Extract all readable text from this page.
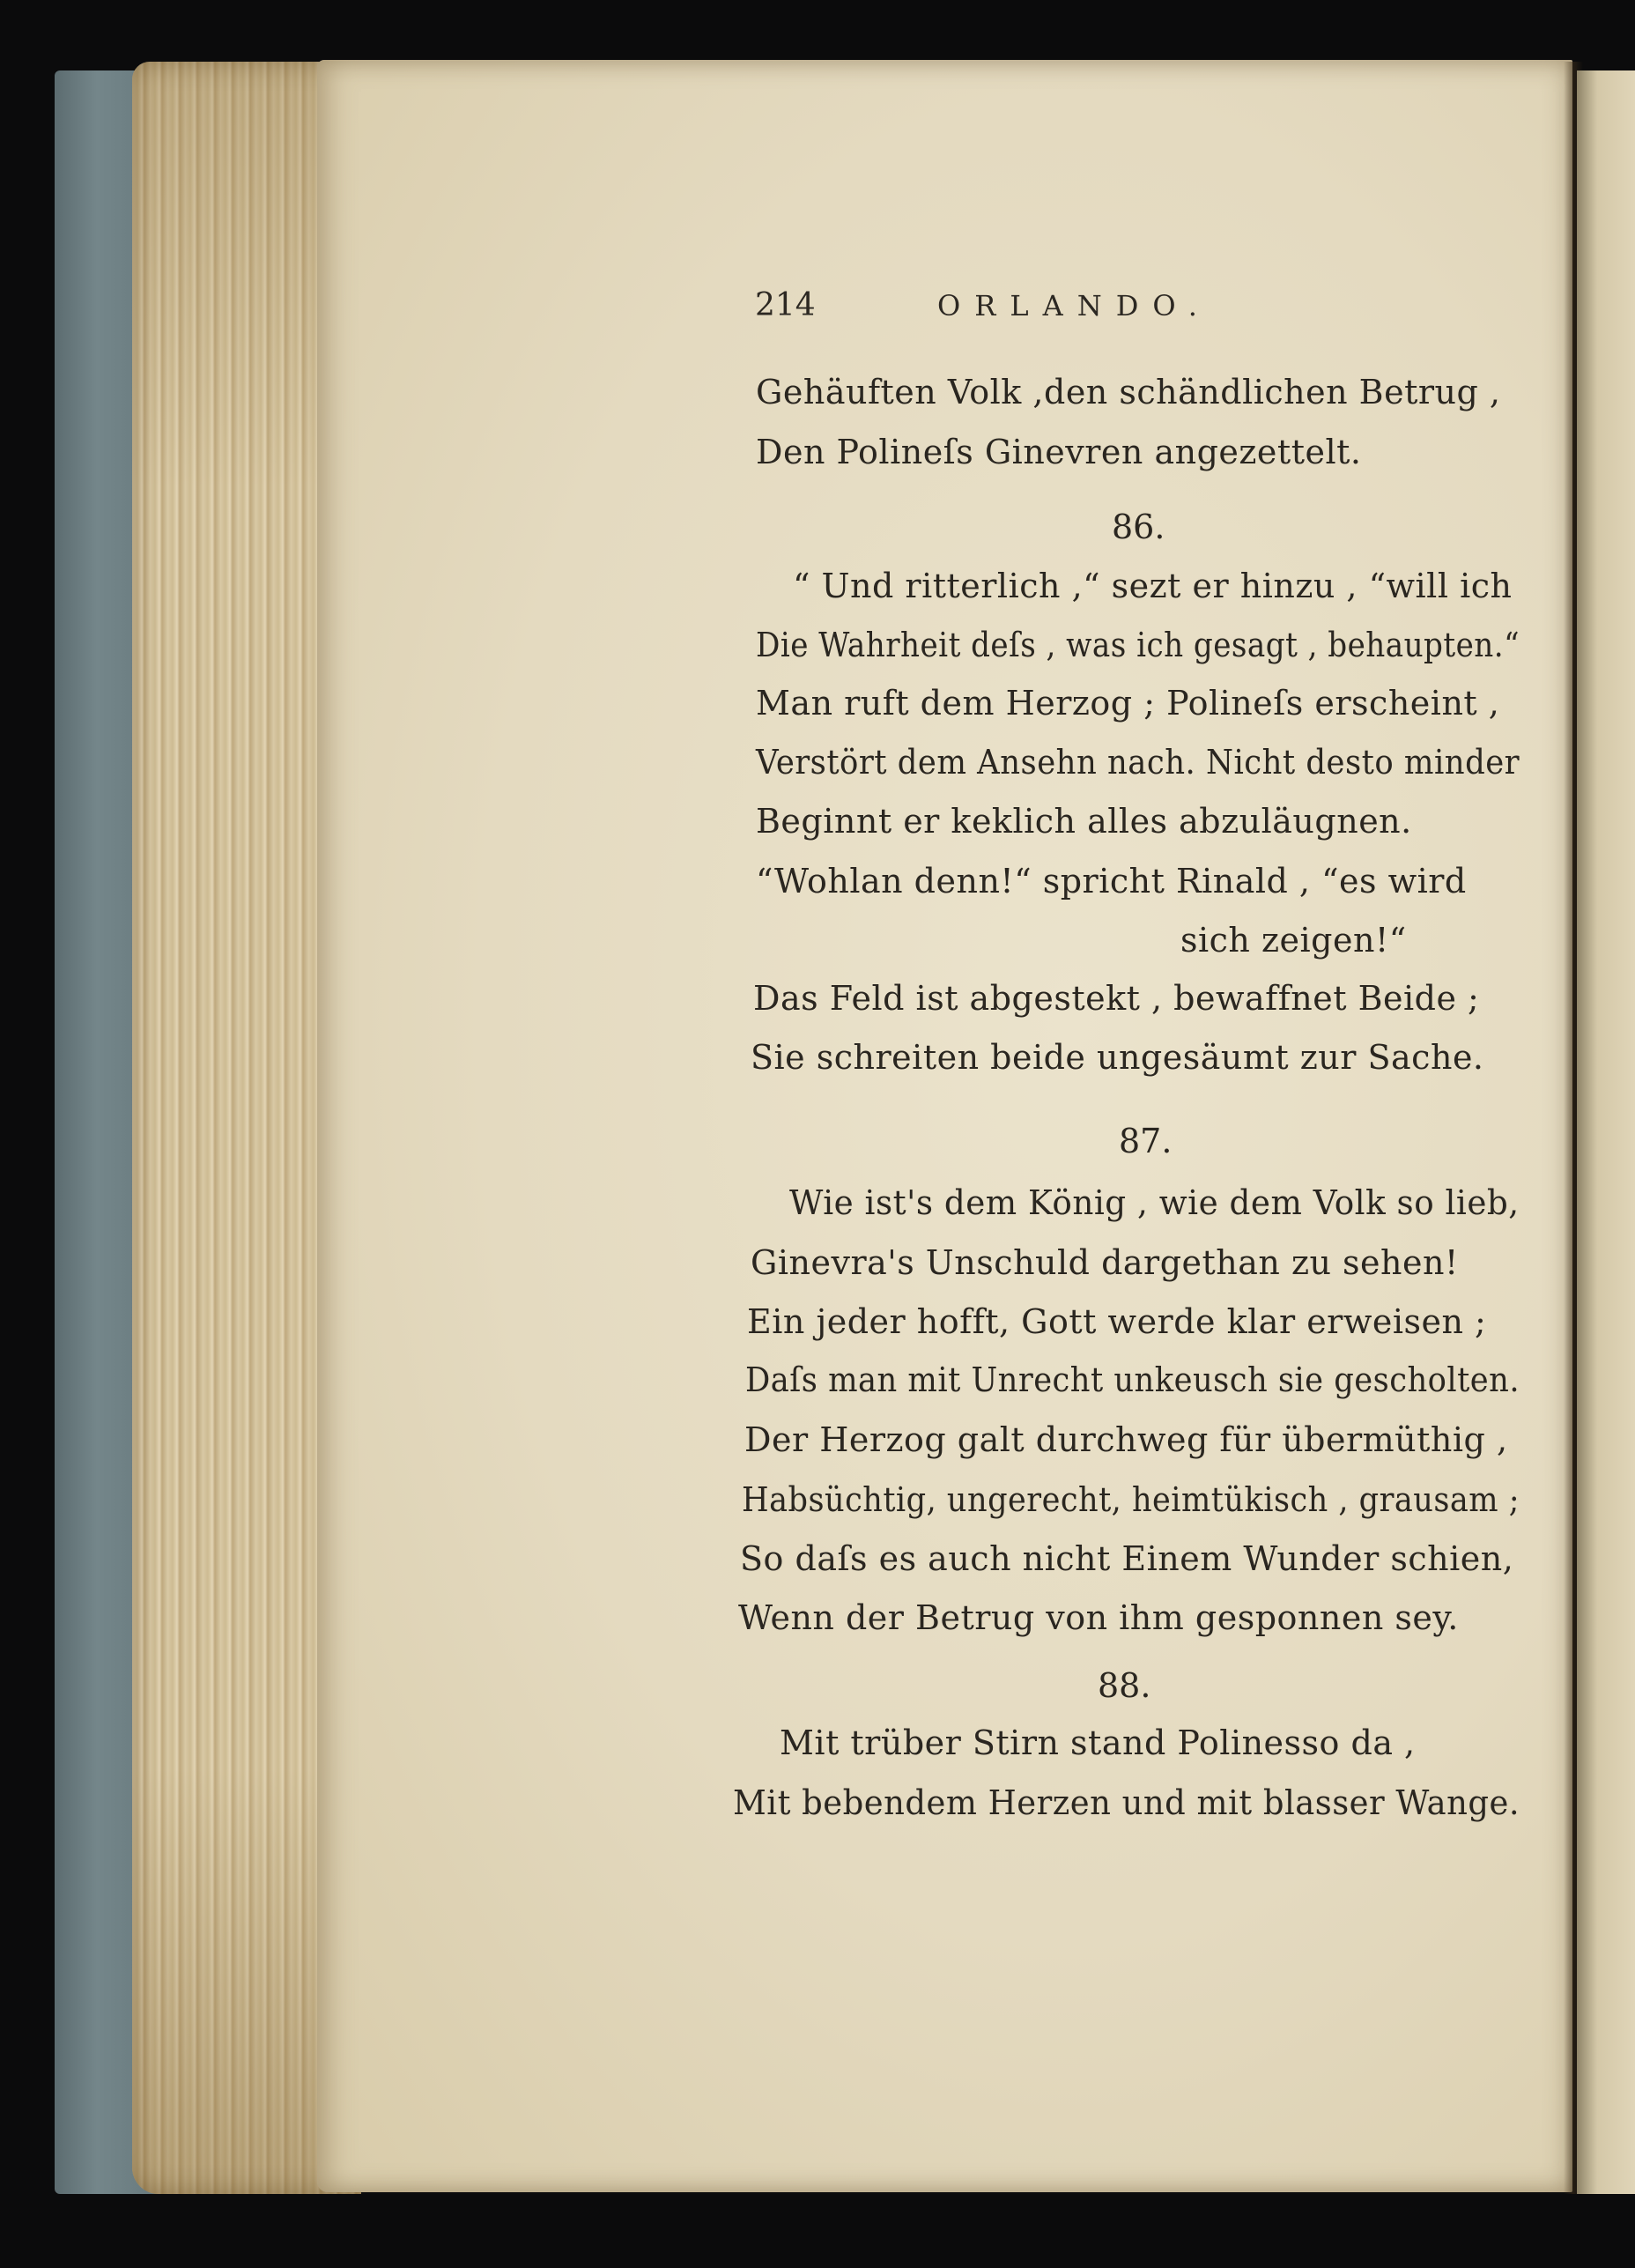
214	ORLANDO.
Gehäuften Volk ,den schändlichen Betrug ,
Den Polineſs Ginevren angezettelt.
86.
“ Und ritterlich ,“ sezt er hinzu , “will ich
Die Wahrheit deſs , was ich gesagt , behaupten.“
Man ruft dem Herzog ; Polineſs erscheint ,
Verstört dem Ansehn nach. Nicht desto minder
Beginnt er keklich alles abzuläugnen.
“Wohlan denn!“ spricht Rinald , “es wird
sich zeigen!“
Das Feld ist abgestekt , bewaffnet Beide ;
Sie schreiten beide ungesäumt zur Sache.
87.
Wie ist's dem König , wie dem Volk so lieb,
Ginevra's Unschuld dargethan zu sehen!
Ein jeder hofft, Gott werde klar erweisen ;
Daſs man mit Unrecht unkeusch sie gescholten.
Der Herzog galt durchweg für übermüthig ,
Habsüchtig, ungerecht, heimtükisch , grausam ;
So daſs es auch nicht Einem Wunder schien,
Wenn der Betrug von ihm gesponnen sey.
88.
Mit trüber Stirn stand Polinesso da ,
Mit bebendem Herzen und mit blasser Wange.
